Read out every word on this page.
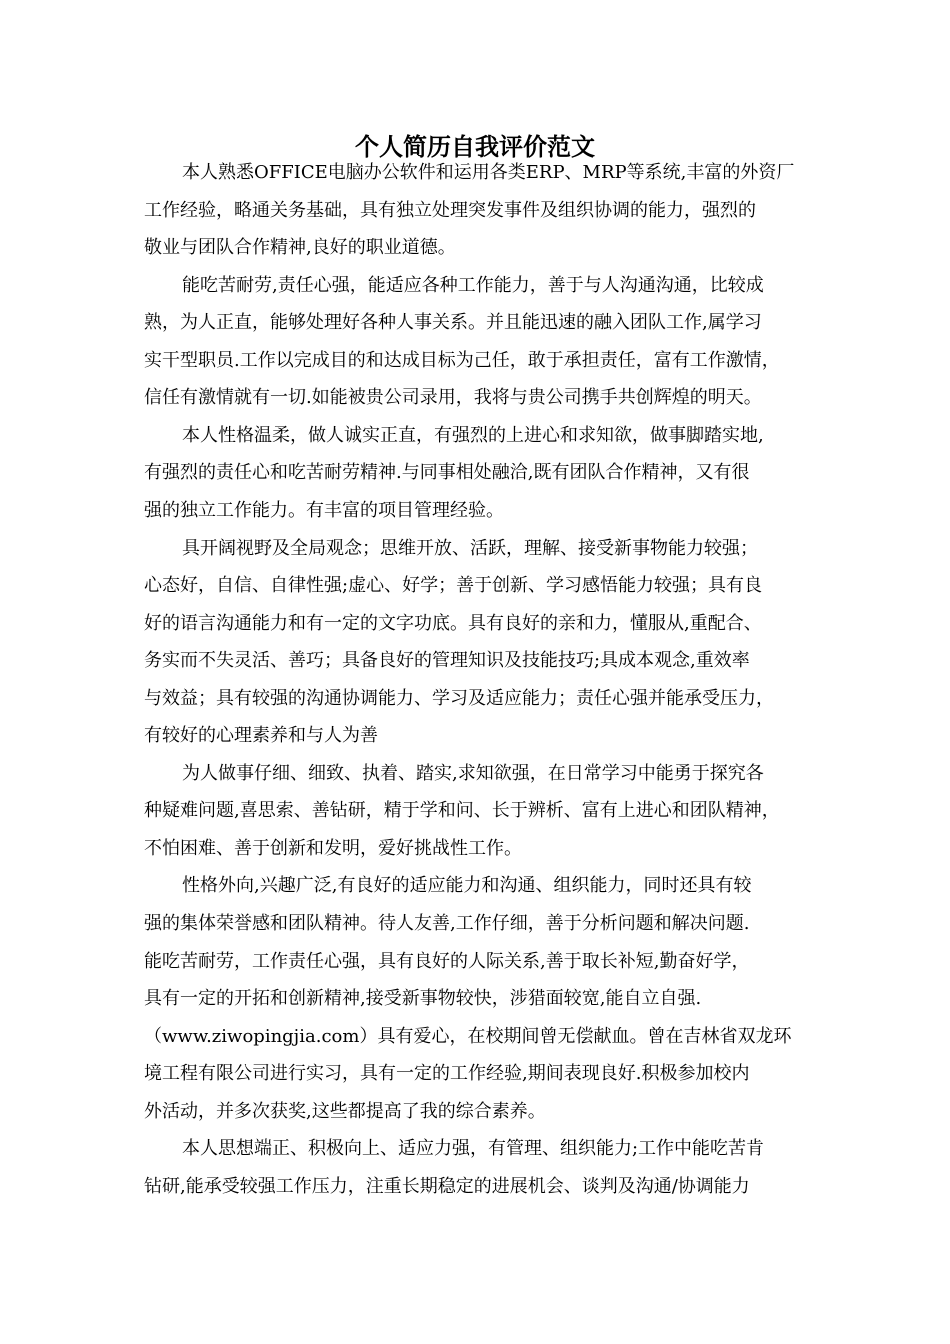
个人简历自我评价范文
本人熟悉OFFICE电脑办公软件和运用各类ERP、MRP等系统,丰富的外资厂
工作经验，略通关务基础，具有独立处理突发事件及组织协调的能力，强烈的
敬业与团队合作精神,良好的职业道德。
能吃苦耐劳,责任心强，能适应各种工作能力，善于与人沟通沟通，比较成
熟，为人正直，能够处理好各种人事关系。并且能迅速的融入团队工作,属学习
实干型职员.工作以完成目的和达成目标为己任，敢于承担责任，富有工作激情，
信任有激情就有一切.如能被贵公司录用，我将与贵公司携手共创辉煌的明天。
本人性格温柔，做人诚实正直，有强烈的上进心和求知欲，做事脚踏实地,
有强烈的责任心和吃苦耐劳精神.与同事相处融洽,既有团队合作精神，又有很
强的独立工作能力。有丰富的项目管理经验。
具开阔视野及全局观念；思维开放、活跃，理解、接受新事物能力较强；
心态好，自信、自律性强;虚心、好学；善于创新、学习感悟能力较强；具有良
好的语言沟通能力和有一定的文字功底。具有良好的亲和力，懂服从,重配合、
务实而不失灵活、善巧；具备良好的管理知识及技能技巧;具成本观念,重效率
与效益；具有较强的沟通协调能力、学习及适应能力；责任心强并能承受压力，
有较好的心理素养和与人为善
为人做事仔细、细致、执着、踏实,求知欲强，在日常学习中能勇于探究各
种疑难问题,喜思索、善钻研，精于学和问、长于辨析、富有上进心和团队精神，
不怕困难、善于创新和发明，爱好挑战性工作。
性格外向,兴趣广泛,有良好的适应能力和沟通、组织能力，同时还具有较
强的集体荣誉感和团队精神。待人友善,工作仔细，善于分析问题和解决问题.
能吃苦耐劳，工作责任心强，具有良好的人际关系,善于取长补短,勤奋好学，
具有一定的开拓和创新精神,接受新事物较快，涉猎面较宽,能自立自强.
（www.ziwopingjia.com）具有爱心，在校期间曾无偿献血。曾在吉林省双龙环
境工程有限公司进行实习，具有一定的工作经验,期间表现良好.积极参加校内
外活动，并多次获奖,这些都提高了我的综合素养。
本人思想端正、积极向上、适应力强，有管理、组织能力;工作中能吃苦肯
钻研,能承受较强工作压力，注重长期稳定的进展机会、谈判及沟通/协调能力
